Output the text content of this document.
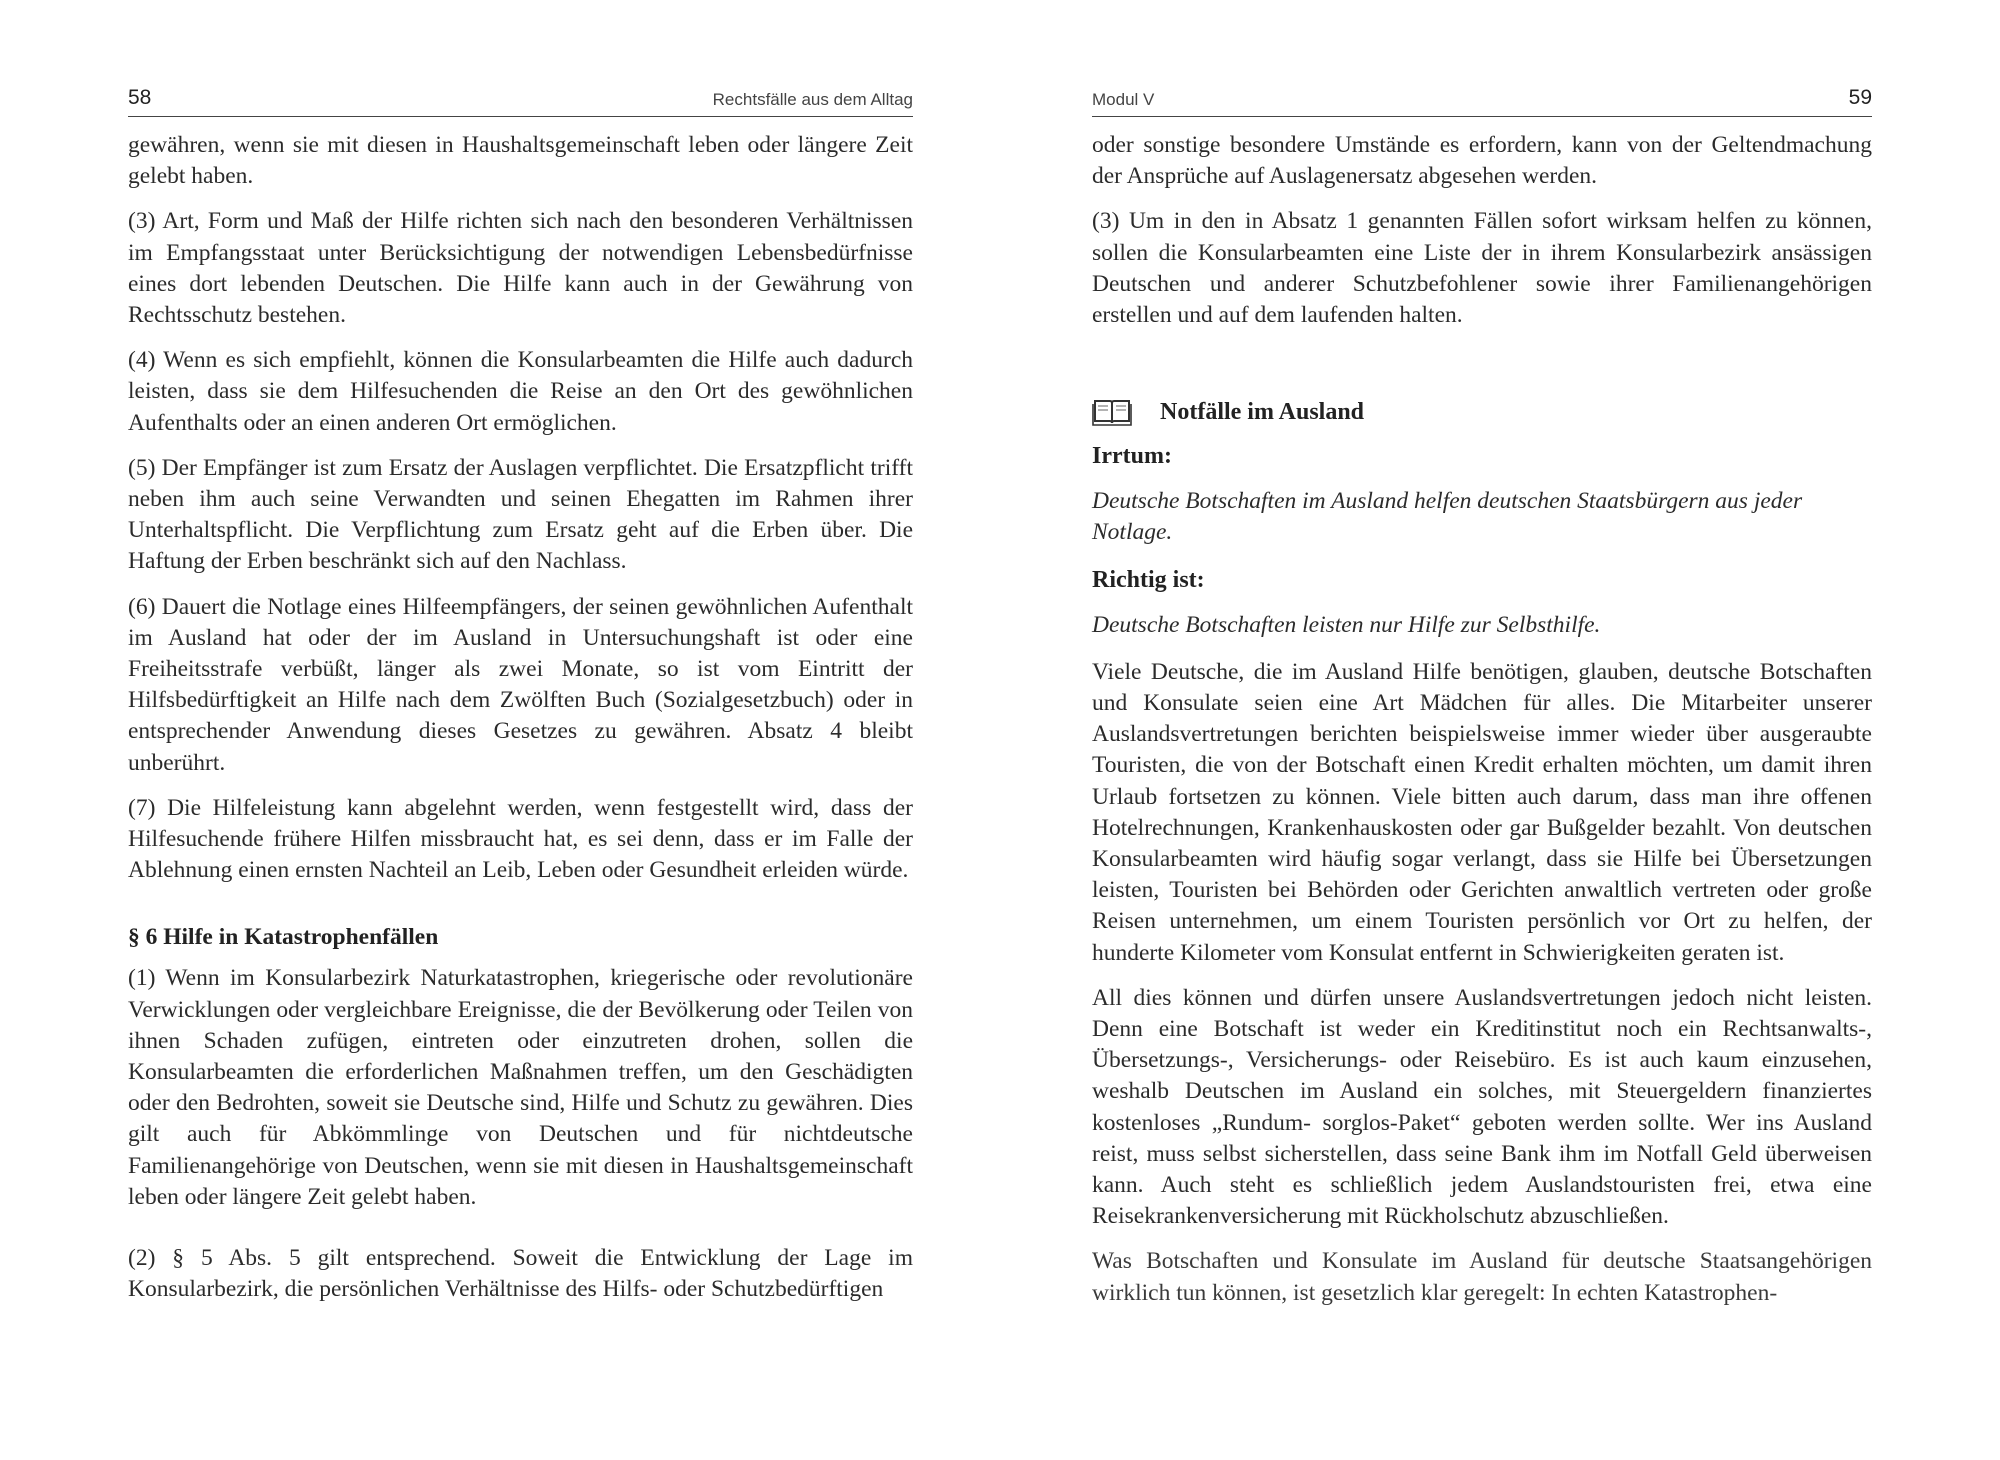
58	Rechtsfälle aus dem Alltag

gewähren, wenn sie mit diesen in Haushaltsgemeinschaft leben oder längere Zeit gelebt haben.

(3) Art, Form und Maß der Hilfe richten sich nach den besonderen Verhältnissen im Empfangsstaat unter Berücksichtigung der notwendigen Lebensbedürfnisse eines dort lebenden Deutschen. Die Hilfe kann auch in der Gewährung von Rechtsschutz bestehen.

(4) Wenn es sich empfiehlt, können die Konsularbeamten die Hilfe auch dadurch leisten, dass sie dem Hilfesuchenden die Reise an den Ort des gewöhnlichen Aufenthalts oder an einen anderen Ort ermöglichen.

(5) Der Empfänger ist zum Ersatz der Auslagen verpflichtet. Die Ersatzpflicht trifft neben ihm auch seine Verwandten und seinen Ehegatten im Rahmen ihrer Unterhaltspflicht. Die Verpflichtung zum Ersatz geht auf die Erben über. Die Haftung der Erben beschränkt sich auf den Nachlass.

(6) Dauert die Notlage eines Hilfeempfängers, der seinen gewöhnlichen Aufenthalt im Ausland hat oder der im Ausland in Untersuchungshaft ist oder eine Freiheitsstrafe verbüßt, länger als zwei Monate, so ist vom Eintritt der Hilfsbedürftigkeit an Hilfe nach dem Zwölften Buch (Sozialgesetzbuch) oder in entsprechender Anwendung dieses Gesetzes zu gewähren. Absatz 4 bleibt unberührt.

(7) Die Hilfeleistung kann abgelehnt werden, wenn festgestellt wird, dass der Hilfesuchende frühere Hilfen missbraucht hat, es sei denn, dass er im Falle der Ablehnung einen ernsten Nachteil an Leib, Leben oder Gesundheit erleiden würde.

§ 6 Hilfe in Katastrophenfällen

(1) Wenn im Konsularbezirk Naturkatastrophen, kriegerische oder revolutionäre Verwicklungen oder vergleichbare Ereignisse, die der Bevölkerung oder Teilen von ihnen Schaden zufügen, eintreten oder einzutreten drohen, sollen die Konsularbeamten die erforderlichen Maßnahmen treffen, um den Geschädigten oder den Bedrohten, soweit sie Deutsche sind, Hilfe und Schutz zu gewähren. Dies gilt auch für Abkömmlinge von Deutschen und für nichtdeutsche Familienangehörige von Deutschen, wenn sie mit diesen in Haushaltsgemeinschaft leben oder längere Zeit gelebt haben.

(2) § 5 Abs. 5 gilt entsprechend. Soweit die Entwicklung der Lage im Konsularbezirk, die persönlichen Verhältnisse des Hilfs- oder Schutzbedürftigen

Modul V	59

oder sonstige besondere Umstände es erfordern, kann von der Geltendmachung der Ansprüche auf Auslagenersatz abgesehen werden.

(3) Um in den in Absatz 1 genannten Fällen sofort wirksam helfen zu können, sollen die Konsularbeamten eine Liste der in ihrem Konsularbezirk ansässigen Deutschen und anderer Schutzbefohlener sowie ihrer Familienangehörigen erstellen und auf dem laufenden halten.

Notfälle im Ausland
Irrtum:

Deutsche Botschaften im Ausland helfen deutschen Staatsbürgern aus jeder Notlage.

Richtig ist:

Deutsche Botschaften leisten nur Hilfe zur Selbsthilfe.

Viele Deutsche, die im Ausland Hilfe benötigen, glauben, deutsche Botschaften und Konsulate seien eine Art Mädchen für alles. Die Mitarbeiter unserer Auslandsvertretungen berichten beispielsweise immer wieder über ausgeraubte Touristen, die von der Botschaft einen Kredit erhalten möchten, um damit ihren Urlaub fortsetzen zu können. Viele bitten auch darum, dass man ihre offenen Hotelrechnungen, Krankenhauskosten oder gar Bußgelder bezahlt. Von deutschen Konsularbeamten wird häufig sogar verlangt, dass sie Hilfe bei Übersetzungen leisten, Touristen bei Behörden oder Gerichten anwaltlich vertreten oder große Reisen unternehmen, um einem Touristen persönlich vor Ort zu helfen, der hunderte Kilometer vom Konsulat entfernt in Schwierigkeiten geraten ist.

All dies können und dürfen unsere Auslandsvertretungen jedoch nicht leisten. Denn eine Botschaft ist weder ein Kreditinstitut noch ein Rechtsanwalts-, Übersetzungs-, Versicherungs- oder Reisebüro. Es ist auch kaum einzusehen, weshalb Deutschen im Ausland ein solches, mit Steuergeldern finanziertes kostenloses „Rundum- sorglos-Paket“ geboten werden sollte. Wer ins Ausland reist, muss selbst sicherstellen, dass seine Bank ihm im Notfall Geld überweisen kann. Auch steht es schließlich jedem Auslandstouristen frei, etwa eine Reisekrankenversicherung mit Rückholschutz abzuschließen.

Was Botschaften und Konsulate im Ausland für deutsche Staatsangehörigen wirklich tun können, ist gesetzlich klar geregelt: In echten Katastrophen-
